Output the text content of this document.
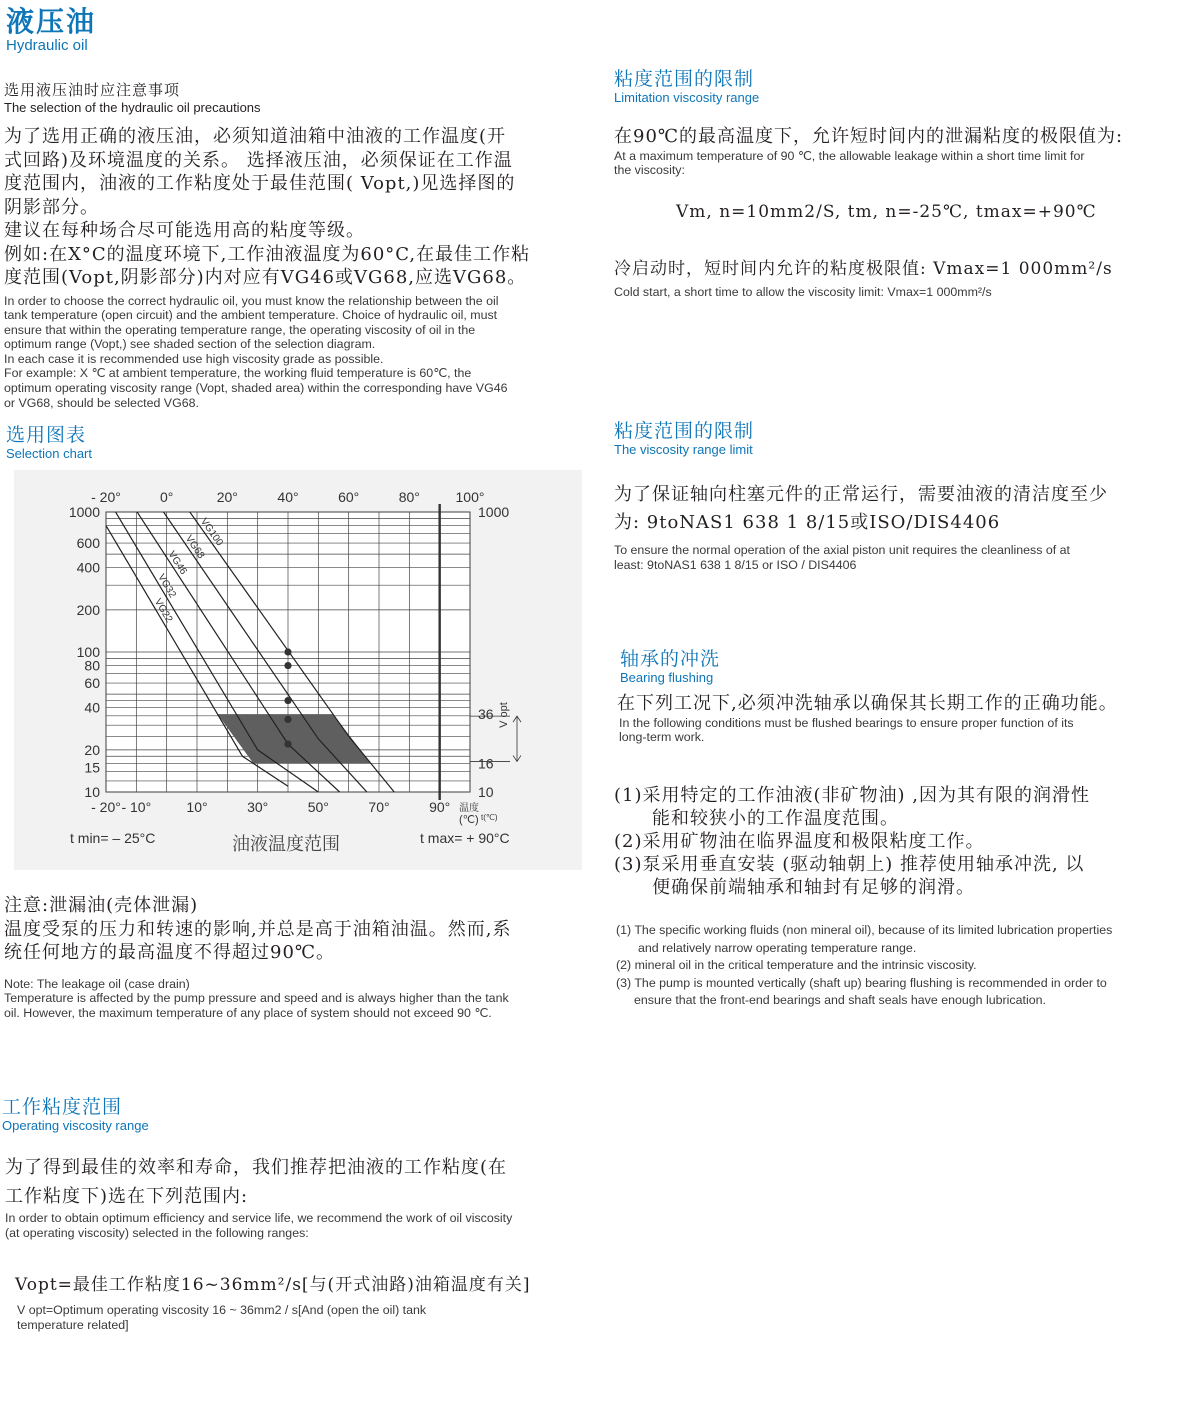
液压油
Hydraulic oil
选用液压油时应注意事项
The selection of the hydraulic oil precautions

为了选用正确的液压油，必须知道油箱中油液的工作温度(开

式回路)及环境温度的关系。 选择液压油，必须保证在工作温

度范围内，油液的工作粘度处于最佳范围( Vopt,)见选择图的

阴影部分。

建议在每种场合尽可能选用高的粘度等级。

例如:在X°C的温度环境下,工作油液温度为60°C,在最佳工作粘

度范围(Vopt,阴影部分)内对应有VG46或VG68,应选VG68。

In order to choose the correct hydraulic oil, you must know the relationship between the oil

tank temperature (open circuit) and the ambient temperature. Choice of hydraulic oil, must

ensure that within the operating temperature range, the operating viscosity of oil in the

optimum range (Vopt,) see shaded section of the selection diagram.

In each case it is recommended use high viscosity grade as possible.

For example: X ℃ at ambient temperature, the working fluid temperature is 60℃, the

optimum operating viscosity range (Vopt, shaded area) within the corresponding have VG46

or VG68, should be selected VG68.

选用图表
Selection chart
VG22
VG32
VG46
VG68
VG100
1000
600
400
200
100
80
60
40
20
15
10
1000
36
16
10
- 20°	0°	20°	40°	60°	80°	100°
- 20° - 10°	10°	30°	50°	70°	90°
油液温度范围
t min= – 25°C	t max= + 90°C
温度
(℃) t(℃)
V opt

注意:泄漏油(壳体泄漏)

温度受泵的压力和转速的影响,并总是高于油箱油温。然而,系

统任何地方的最高温度不得超过90℃。

Note: The leakage oil (case drain)

Temperature is affected by the pump pressure and speed and is always higher than the tank

oil. However, the maximum temperature of any place of system should not exceed 90 ℃.

工作粘度范围
Operating viscosity range

为了得到最佳的效率和寿命，我们推荐把油液的工作粘度(在

工作粘度下)选在下列范围内:

In order to obtain optimum efficiency and service life, we recommend the work of oil viscosity

(at operating viscosity) selected in the following ranges:

Vopt=最佳工作粘度16~36mm²/s[与(开式油路)油箱温度有关]

V opt=Optimum operating viscosity 16 ~ 36mm2 / s[And (open the oil) tank

temperature related]

粘度范围的限制
Limitation viscosity range

在90℃的最高温度下，允许短时间内的泄漏粘度的极限值为:

At a maximum temperature of 90 ℃, the allowable leakage within a short time limit for

the viscosity:

Vm, n=10mm2/S, tm, n=-25℃, tmax=+90℃
冷启动时，短时间内允许的粘度极限值: Vmax=1 000mm²/s

Cold start, a short time to allow the viscosity limit: Vmax=1 000mm²/s

粘度范围的限制
The viscosity range limit

为了保证轴向柱塞元件的正常运行，需要油液的清洁度至少

为: 9toNAS1 638 1 8/15或ISO/DIS4406

To ensure the normal operation of the axial piston unit requires the cleanliness of at

least: 9toNAS1 638 1 8/15 or ISO / DIS4406

轴承的冲洗
Bearing flushing

在下列工况下,必须冲洗轴承以确保其长期工作的正确功能。

In the following conditions must be flushed bearings to ensure proper function of its

long-term work.

(1)采用特定的工作油液(非矿物油) ,因为其有限的润滑性

能和较狭小的工作温度范围。

(2)采用矿物油在临界温度和极限粘度工作。

(3)泵采用垂直安装 (驱动轴朝上) 推荐使用轴承冲洗, 以

便确保前端轴承和轴封有足够的润滑。

(1) The specific working fluids (non mineral oil), because of its limited lubrication properties

and relatively narrow operating temperature range.

(2) mineral oil in the critical temperature and the intrinsic viscosity.

(3) The pump is mounted vertically (shaft up) bearing flushing is recommended in order to

ensure that the front-end bearings and shaft seals have enough lubrication.
